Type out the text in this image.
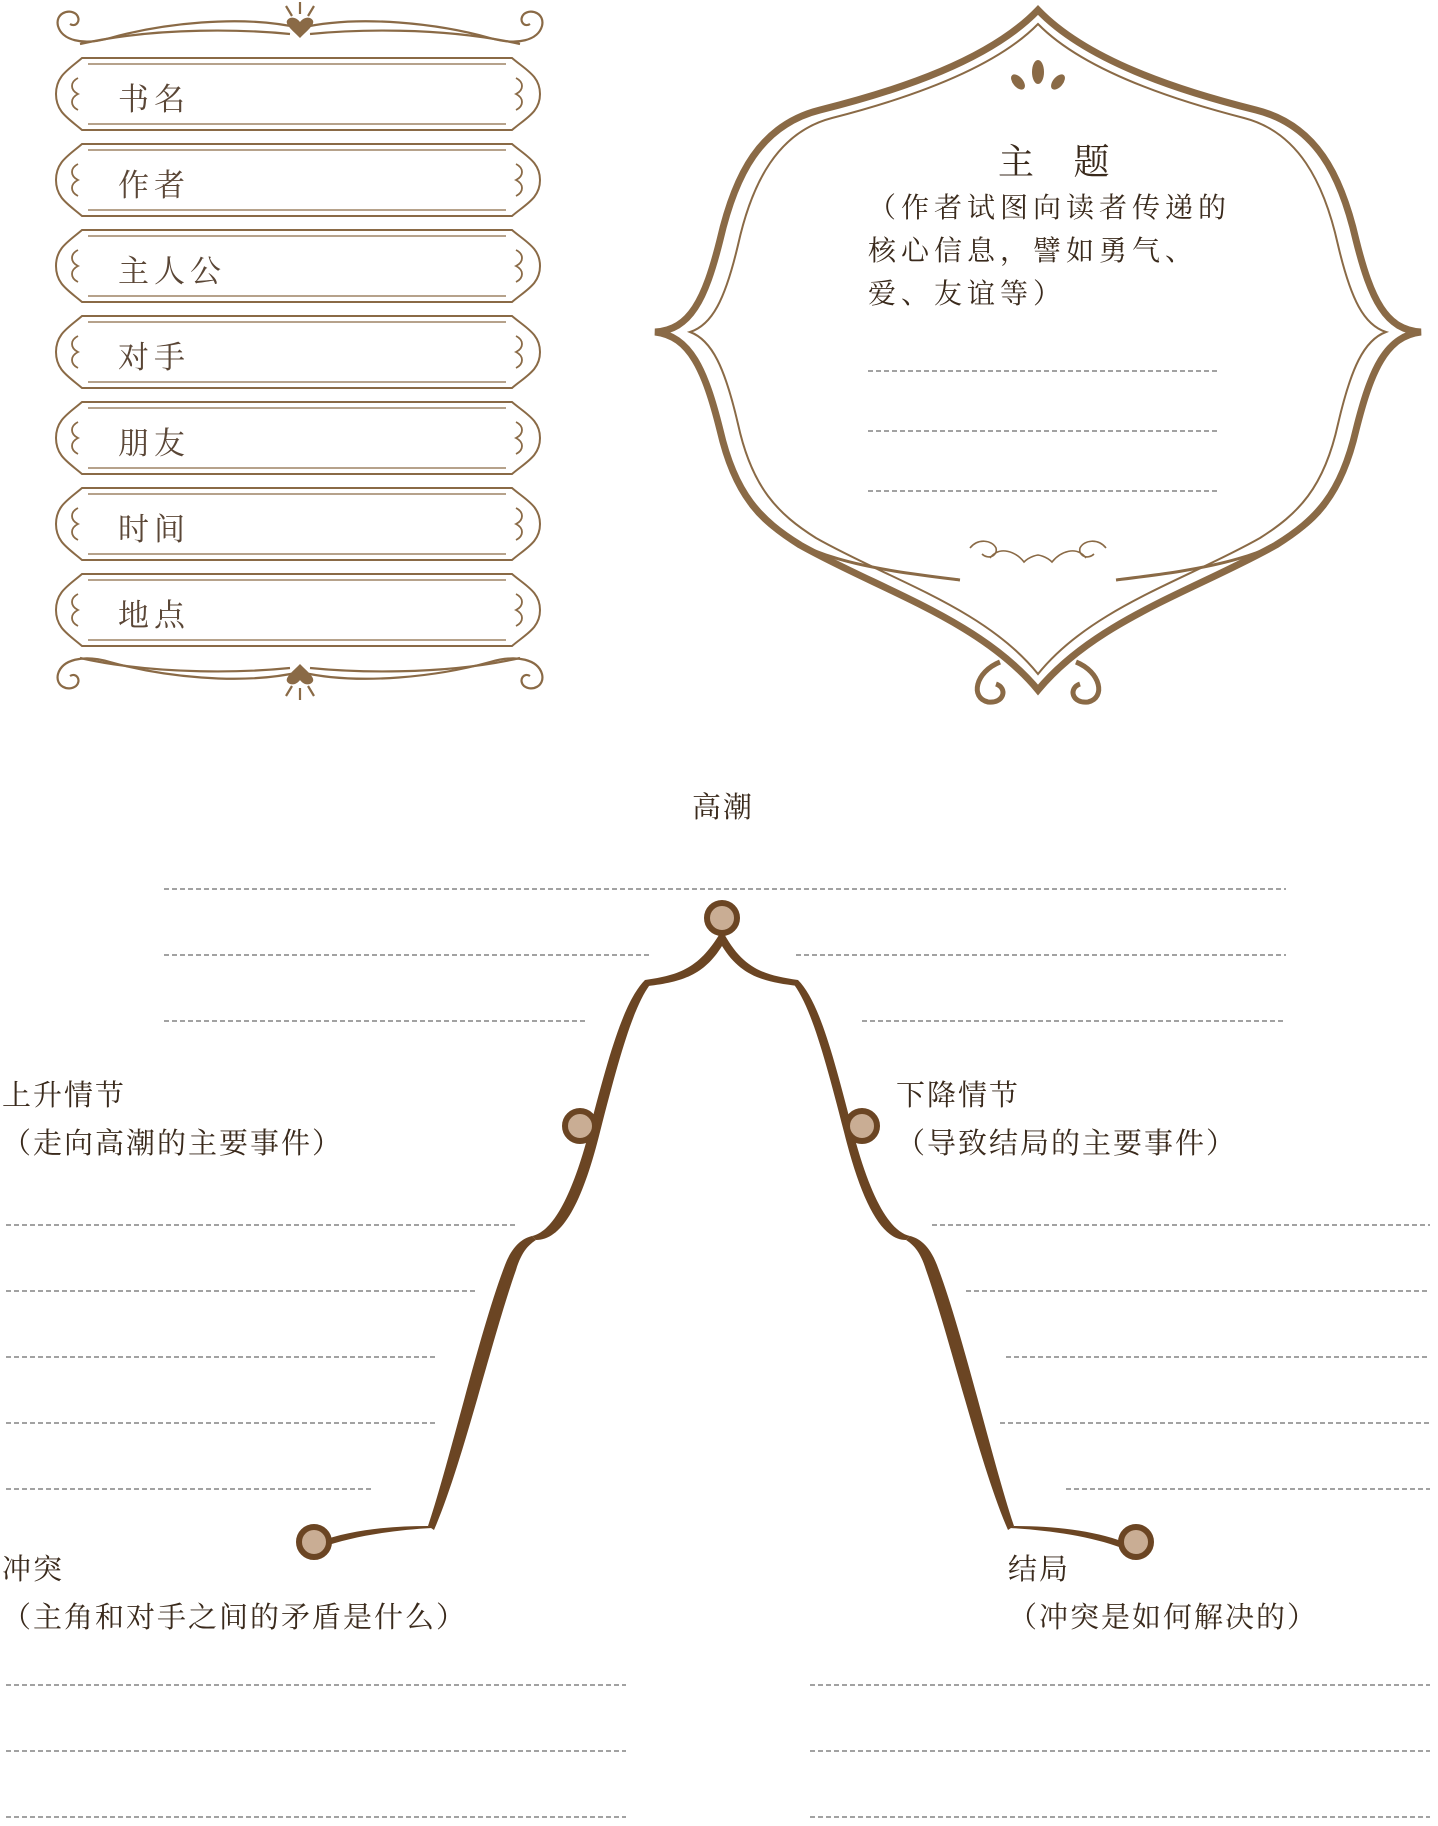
书名
作者
主人公
对手
朋友
时间
地点
主 题
（作者试图向读者传递的核心信息，譬如勇气、爱、友谊等）
高潮
上升情节
（走向高潮的主要事件）
下降情节
（导致结局的主要事件）
冲突
（主角和对手之间的矛盾是什么）
结局
（冲突是如何解决的）
